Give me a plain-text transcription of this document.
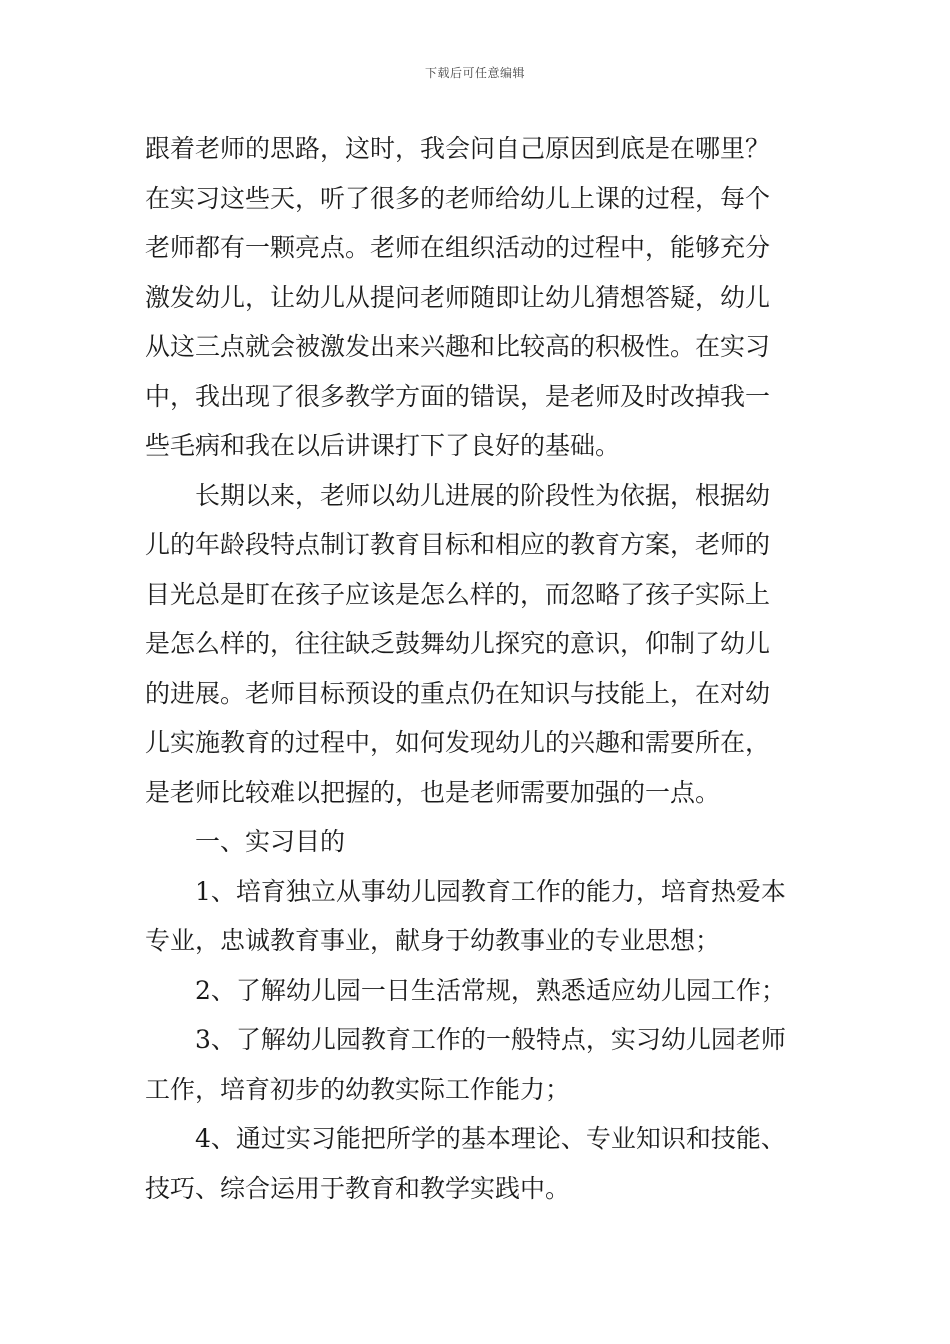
下载后可任意编辑
跟着老师的思路，这时，我会问自己原因到底是在哪里？
在实习这些天，听了很多的老师给幼儿上课的过程，每个
老师都有一颗亮点。老师在组织活动的过程中，能够充分
激发幼儿，让幼儿从提问老师随即让幼儿猜想答疑，幼儿
从这三点就会被激发出来兴趣和比较高的积极性。在实习
中，我出现了很多教学方面的错误，是老师及时改掉我一
些毛病和我在以后讲课打下了良好的基础。
长期以来，老师以幼儿进展的阶段性为依据，根据幼
儿的年龄段特点制订教育目标和相应的教育方案，老师的
目光总是盯在孩子应该是怎么样的，而忽略了孩子实际上
是怎么样的，往往缺乏鼓舞幼儿探究的意识，仰制了幼儿
的进展。老师目标预设的重点仍在知识与技能上，在对幼
儿实施教育的过程中，如何发现幼儿的兴趣和需要所在，
是老师比较难以把握的，也是老师需要加强的一点。
一、实习目的
1、培育独立从事幼儿园教育工作的能力，培育热爱本
专业，忠诚教育事业，献身于幼教事业的专业思想；
2、了解幼儿园一日生活常规，熟悉适应幼儿园工作；
3、了解幼儿园教育工作的一般特点，实习幼儿园老师
工作，培育初步的幼教实际工作能力；
4、通过实习能把所学的基本理论、专业知识和技能、
技巧、综合运用于教育和教学实践中。
